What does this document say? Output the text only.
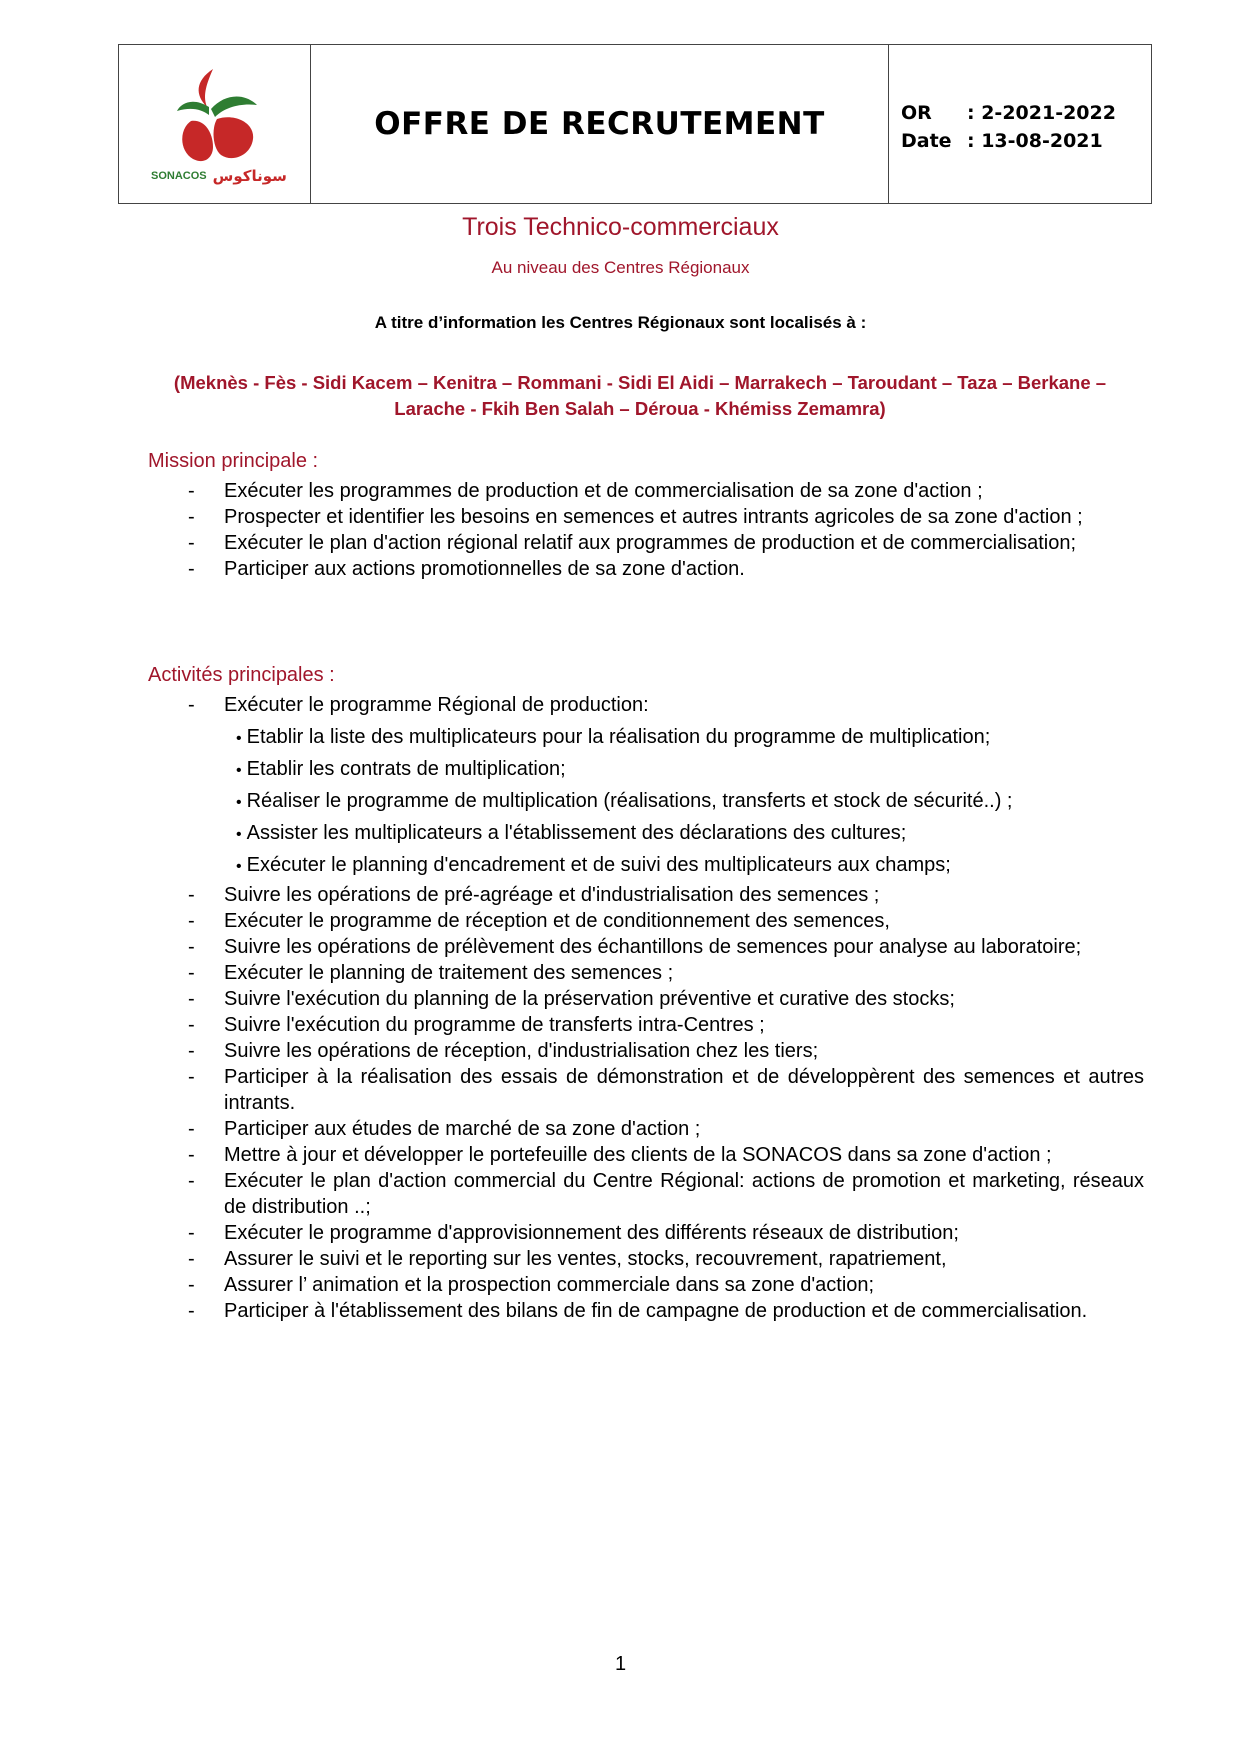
SONACOS سوناكوس
OFFRE DE RECRUTEMENT	OR : 2-2021-2022
Date : 13-08-2021
Trois Technico-commerciaux
Au niveau des Centres Régionaux
A titre d’information les Centres Régionaux sont localisés à :
(Meknès - Fès - Sidi Kacem – Kenitra – Rommani - Sidi El Aidi – Marrakech – Taroudant – Taza – Berkane –
Larache - Fkih Ben Salah – Déroua - Khémiss Zemamra)
Mission principale :
- Exécuter les programmes de production et de commercialisation de sa zone d'action ;
- Prospecter et identifier les besoins en semences et autres intrants agricoles de sa zone d'action ;
- Exécuter le plan d'action régional relatif aux programmes de production et de commercialisation;
- Participer aux actions promotionnelles de sa zone d'action.
Activités principales :
- Exécuter le programme Régional de production:
• Etablir la liste des multiplicateurs pour la réalisation du programme de multiplication;
• Etablir les contrats de multiplication;
• Réaliser le programme de multiplication (réalisations, transferts et stock de sécurité..) ;
• Assister les multiplicateurs a l'établissement des déclarations des cultures;
• Exécuter le planning d'encadrement et de suivi des multiplicateurs aux champs;
- Suivre les opérations de pré-agréage et d'industrialisation des semences ;
- Exécuter le programme de réception et de conditionnement des semences,
- Suivre les opérations de prélèvement des échantillons de semences pour analyse au laboratoire;
- Exécuter le planning de traitement des semences ;
- Suivre l'exécution du planning de la préservation préventive et curative des stocks;
- Suivre l'exécution du programme de transferts intra-Centres ;
- Suivre les opérations de réception, d'industrialisation chez les tiers;
- Participer à la réalisation des essais de démonstration et de développèrent des semences et autres intrants.
- Participer aux études de marché de sa zone d'action ;
- Mettre à jour et développer le portefeuille des clients de la SONACOS dans sa zone d'action ;
- Exécuter le plan d'action commercial du Centre Régional: actions de promotion et marketing, réseaux de distribution ..;
- Exécuter le programme d'approvisionnement des différents réseaux de distribution;
- Assurer le suivi et le reporting sur les ventes, stocks, recouvrement, rapatriement,
- Assurer l’ animation et la prospection commerciale dans sa zone d'action;
- Participer à l'établissement des bilans de fin de campagne de production et de commercialisation.
1
